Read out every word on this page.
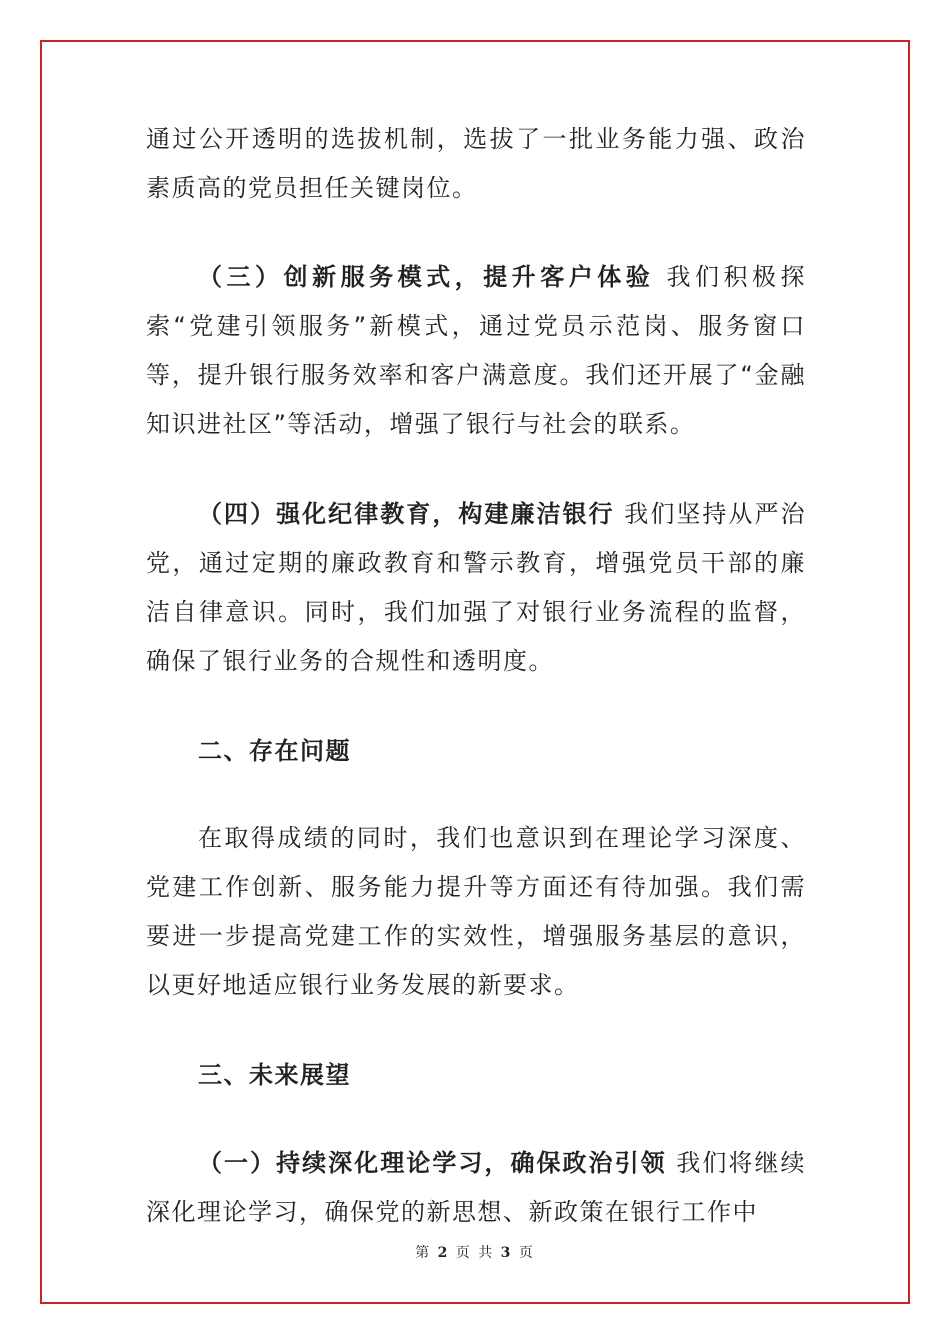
通过公开透明的选拔机制，选拔了一批业务能力强、政治素质高的党员担任关键岗位。

（三）创新服务模式，提升客户体验 我们积极探索“党建引领服务”新模式，通过党员示范岗、服务窗口等，提升银行服务效率和客户满意度。我们还开展了“金融知识进社区”等活动，增强了银行与社会的联系。

（四）强化纪律教育，构建廉洁银行 我们坚持从严治党，通过定期的廉政教育和警示教育，增强党员干部的廉洁自律意识。同时，我们加强了对银行业务流程的监督，确保了银行业务的合规性和透明度。

二、存在问题

在取得成绩的同时，我们也意识到在理论学习深度、党建工作创新、服务能力提升等方面还有待加强。我们需要进一步提高党建工作的实效性，增强服务基层的意识，以更好地适应银行业务发展的新要求。

三、未来展望

（一）持续深化理论学习，确保政治引领 我们将继续深化理论学习，确保党的新思想、新政策在银行工作中

第 2 页 共 3 页
